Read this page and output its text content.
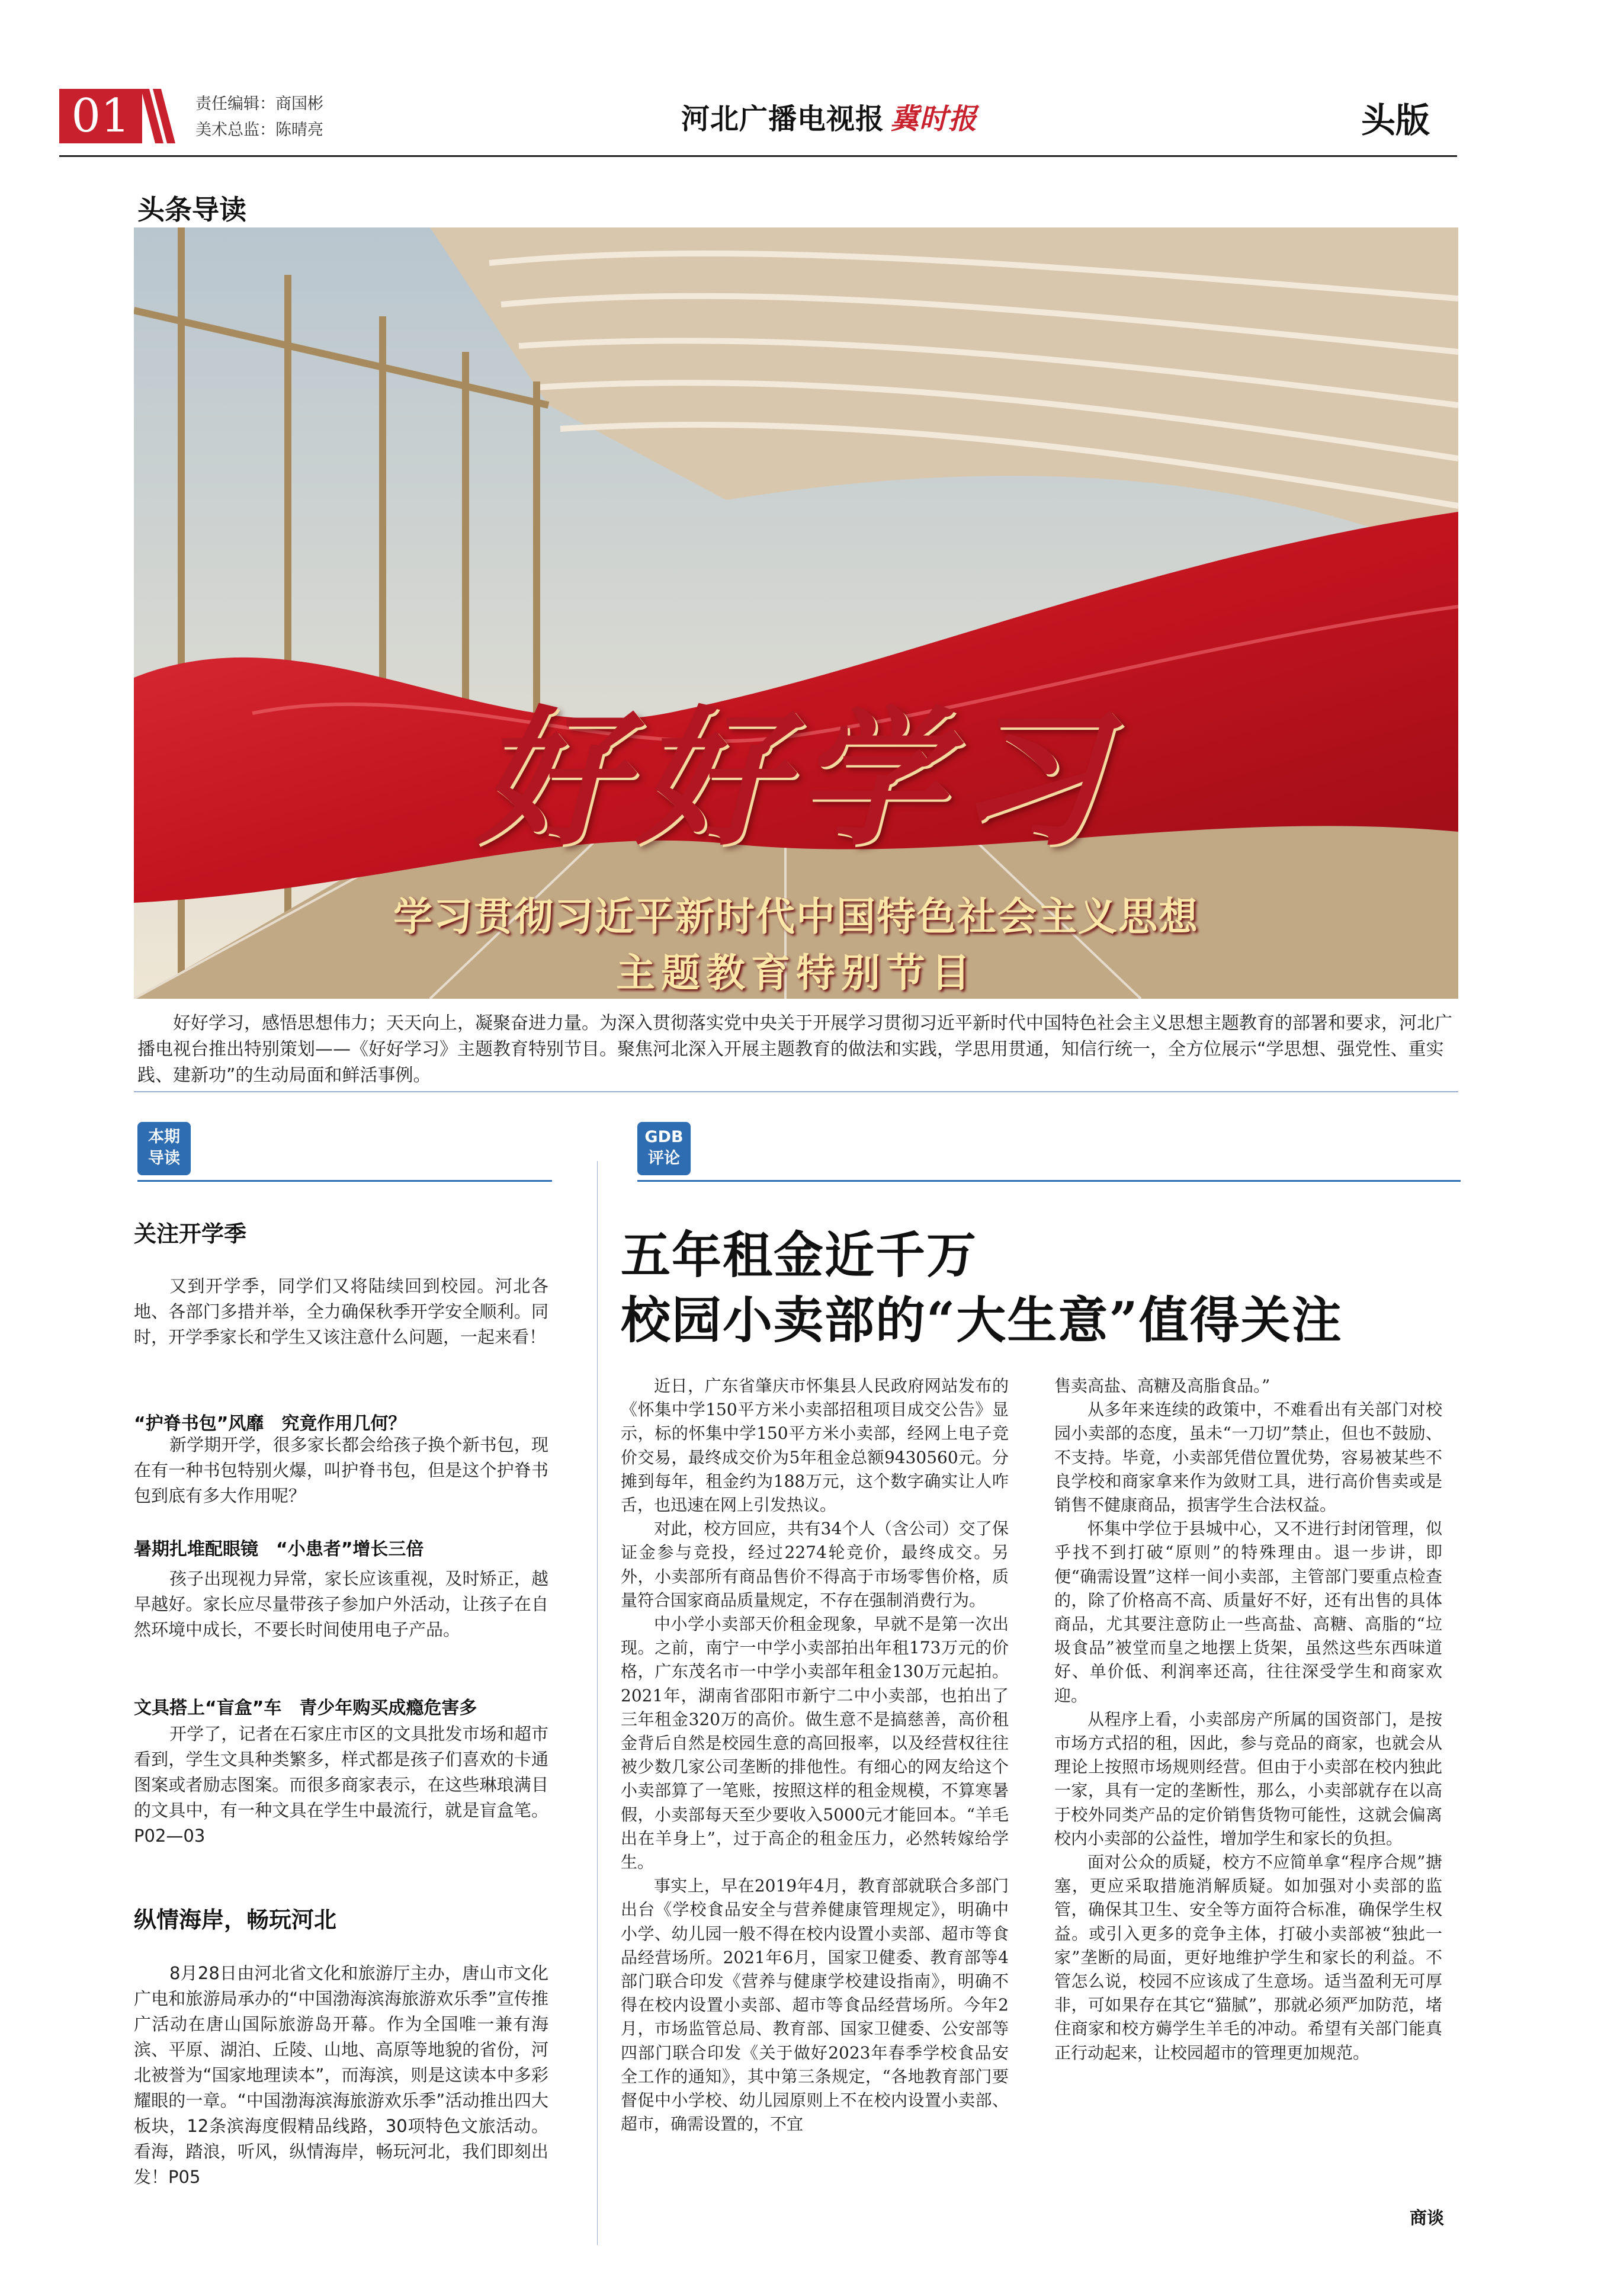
01	责任编辑：商国彬
美术总监：陈晴亮	河北广播电视报 冀时报	头版
头条导读
好好学习
学习贯彻习近平新时代中国特色社会主义思想
主题教育特别节目
好好学习，感悟思想伟力；天天向上，凝聚奋进力量。为深入贯彻落实党中央关于开展学习贯彻习近平新时代中国特色社会主义思想主题教育的部署和要求，河北广播电视台推出特别策划——《好好学习》主题教育特别节目。聚焦河北深入开展主题教育的做法和实践，学思用贯通，知信行统一，全方位展示“学思想、强党性、重实践、建新功”的生动局面和鲜活事例。
本期
导读
GDB
评论
关注开学季

又到开学季，同学们又将陆续回到校园。河北各地、各部门多措并举，全力确保秋季开学安全顺利。同时，开学季家长和学生又该注意什么问题，一起来看！

“护脊书包”风靡　究竟作用几何？

新学期开学，很多家长都会给孩子换个新书包，现在有一种书包特别火爆，叫护脊书包，但是这个护脊书包到底有多大作用呢？

暑期扎堆配眼镜　“小患者”增长三倍

孩子出现视力异常，家长应该重视，及时矫正，越早越好。家长应尽量带孩子参加户外活动，让孩子在自然环境中成长，不要长时间使用电子产品。

文具搭上“盲盒”车　青少年购买成瘾危害多

开学了，记者在石家庄市区的文具批发市场和超市看到，学生文具种类繁多，样式都是孩子们喜欢的卡通图案或者励志图案。而很多商家表示，在这些琳琅满目的文具中，有一种文具在学生中最流行，就是盲盒笔。P02—03

纵情海岸，畅玩河北

8月28日由河北省文化和旅游厅主办，唐山市文化广电和旅游局承办的“中国渤海滨海旅游欢乐季”宣传推广活动在唐山国际旅游岛开幕。作为全国唯一兼有海滨、平原、湖泊、丘陵、山地、高原等地貌的省份，河北被誉为“国家地理读本”，而海滨，则是这读本中多彩耀眼的一章。“中国渤海滨海旅游欢乐季”活动推出四大板块，12条滨海度假精品线路，30项特色文旅活动。看海，踏浪，听风，纵情海岸，畅玩河北，我们即刻出发！P05

五年租金近千万
校园小卖部的“大生意”值得关注

近日，广东省肇庆市怀集县人民政府网站发布的《怀集中学150平方米小卖部招租项目成交公告》显示，标的怀集中学150平方米小卖部，经网上电子竞价交易，最终成交价为5年租金总额9430560元。分摊到每年，租金约为188万元，这个数字确实让人咋舌，也迅速在网上引发热议。

对此，校方回应，共有34个人（含公司）交了保证金参与竞投，经过2274轮竞价，最终成交。另外，小卖部所有商品售价不得高于市场零售价格，质量符合国家商品质量规定，不存在强制消费行为。

中小学小卖部天价租金现象，早就不是第一次出现。之前，南宁一中学小卖部拍出年租173万元的价格，广东茂名市一中学小卖部年租金130万元起拍。2021年，湖南省邵阳市新宁二中小卖部，也拍出了三年租金320万的高价。做生意不是搞慈善，高价租金背后自然是校园生意的高回报率，以及经营权往往被少数几家公司垄断的排他性。有细心的网友给这个小卖部算了一笔账，按照这样的租金规模，不算寒暑假，小卖部每天至少要收入5000元才能回本。“羊毛出在羊身上”，过于高企的租金压力，必然转嫁给学生。

事实上，早在2019年4月，教育部就联合多部门出台《学校食品安全与营养健康管理规定》，明确中小学、幼儿园一般不得在校内设置小卖部、超市等食品经营场所。2021年6月，国家卫健委、教育部等4部门联合印发《营养与健康学校建设指南》，明确不得在校内设置小卖部、超市等食品经营场所。今年2月，市场监管总局、教育部、国家卫健委、公安部等四部门联合印发《关于做好2023年春季学校食品安全工作的通知》，其中第三条规定，“各地教育部门要督促中小学校、幼儿园原则上不在校内设置小卖部、超市，确需设置的，不宜

售卖高盐、高糖及高脂食品。”

从多年来连续的政策中，不难看出有关部门对校园小卖部的态度，虽未“一刀切”禁止，但也不鼓励、不支持。毕竟，小卖部凭借位置优势，容易被某些不良学校和商家拿来作为敛财工具，进行高价售卖或是销售不健康商品，损害学生合法权益。

怀集中学位于县城中心，又不进行封闭管理，似乎找不到打破“原则”的特殊理由。退一步讲，即便“确需设置”这样一间小卖部，主管部门要重点检查的，除了价格高不高、质量好不好，还有出售的具体商品，尤其要注意防止一些高盐、高糖、高脂的“垃圾食品”被堂而皇之地摆上货架，虽然这些东西味道好、单价低、利润率还高，往往深受学生和商家欢迎。

从程序上看，小卖部房产所属的国资部门，是按市场方式招的租，因此，参与竞品的商家，也就会从理论上按照市场规则经营。但由于小卖部在校内独此一家，具有一定的垄断性，那么，小卖部就存在以高于校外同类产品的定价销售货物可能性，这就会偏离校内小卖部的公益性，增加学生和家长的负担。

面对公众的质疑，校方不应简单拿“程序合规”搪塞，更应采取措施消解质疑。如加强对小卖部的监管，确保其卫生、安全等方面符合标准，确保学生权益。或引入更多的竞争主体，打破小卖部被“独此一家”垄断的局面，更好地维护学生和家长的利益。不管怎么说，校园不应该成了生意场。适当盈利无可厚非，可如果存在其它“猫腻”，那就必须严加防范，堵住商家和校方薅学生羊毛的冲动。希望有关部门能真正行动起来，让校园超市的管理更加规范。

商谈
